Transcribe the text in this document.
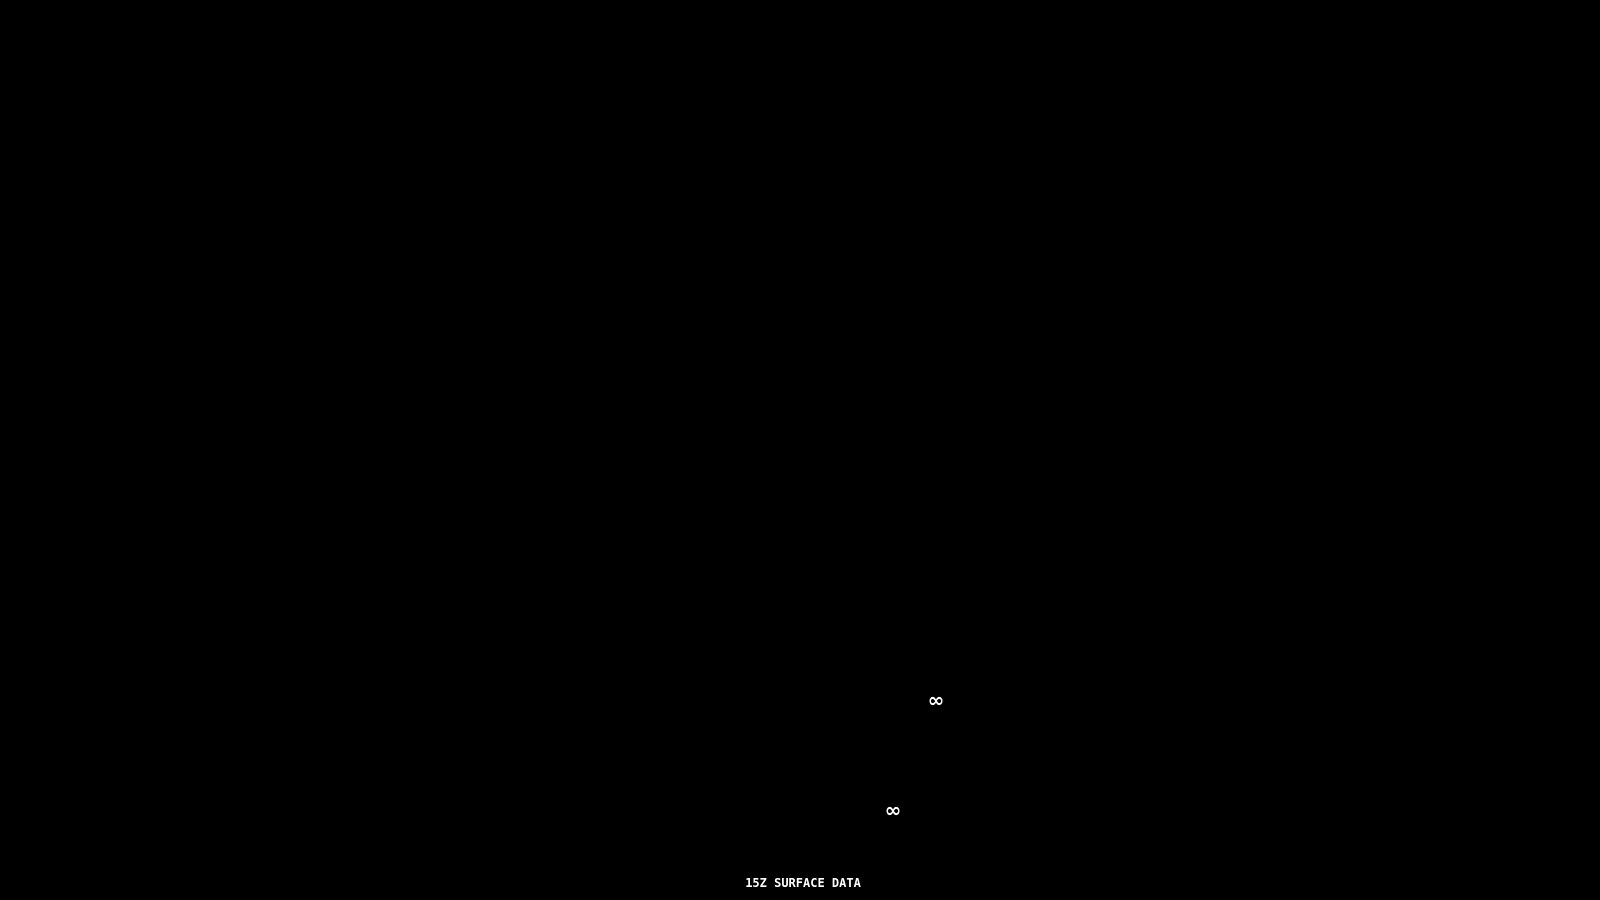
∞
∞
15Z SURFACE DATA
